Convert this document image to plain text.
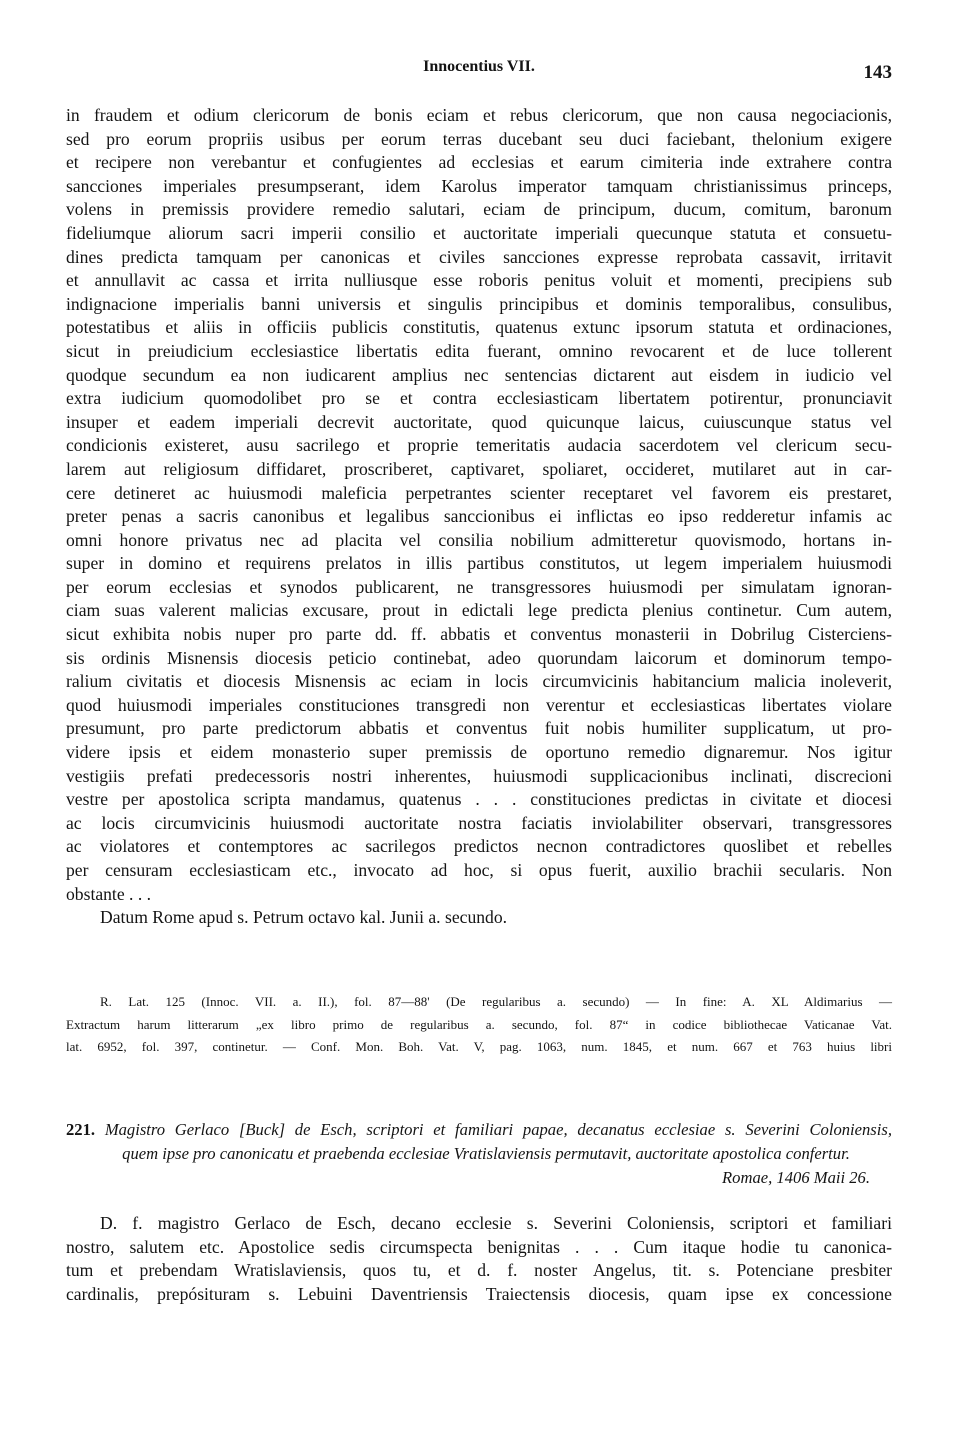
Innocentius VII.	143
in fraudem et odium clericorum de bonis eciam et rebus clericorum, que non causa negociacionis,
sed pro eorum propriis usibus per eorum terras ducebant seu duci faciebant, thelonium exigere
et recipere non verebantur et confugientes ad ecclesias et earum cimiteria inde extrahere contra
sancciones imperiales presumpserant, idem Karolus imperator tamquam christianissimus princeps,
volens in premissis providere remedio salutari, eciam de principum, ducum, comitum, baronum
fideliumque aliorum sacri imperii consilio et auctoritate imperiali quecunque statuta et consuetu-
dines predicta tamquam per canonicas et civiles sancciones expresse reprobata cassavit, irritavit
et annullavit ac cassa et irrita nulliusque esse roboris penitus voluit et momenti, precipiens sub
indignacione imperialis banni universis et singulis principibus et dominis temporalibus, consulibus,
potestatibus et aliis in officiis publicis constitutis, quatenus extunc ipsorum statuta et ordinaciones,
sicut in preiudicium ecclesiastice libertatis edita fuerant, omnino revocarent et de luce tollerent
quodque secundum ea non iudicarent amplius nec sentencias dictarent aut eisdem in iudicio vel
extra iudicium quomodolibet pro se et contra ecclesiasticam libertatem potirentur, pronunciavit
insuper et eadem imperiali decrevit auctoritate, quod quicunque laicus, cuiuscunque status vel
condicionis existeret, ausu sacrilego et proprie temeritatis audacia sacerdotem vel clericum secu-
larem aut religiosum diffidaret, proscriberet, captivaret, spoliaret, occideret, mutilaret aut in car-
cere detineret ac huiusmodi maleficia perpetrantes scienter receptaret vel favorem eis prestaret,
preter penas a sacris canonibus et legalibus sanccionibus ei inflictas eo ipso redderetur infamis ac
omni honore privatus nec ad placita vel consilia nobilium admitteretur quovismodo, hortans in-
super in domino et requirens prelatos in illis partibus constitutos, ut legem imperialem huiusmodi
per eorum ecclesias et synodos publicarent, ne transgressores huiusmodi per simulatam ignoran-
ciam suas valerent malicias excusare, prout in edictali lege predicta plenius continetur. Cum autem,
sicut exhibita nobis nuper pro parte dd. ff. abbatis et conventus monasterii in Dobrilug Cisterciens-
sis ordinis Misnensis diocesis peticio continebat, adeo quorundam laicorum et dominorum tempo-
ralium civitatis et diocesis Misnensis ac eciam in locis circumvicinis habitancium malicia inoleverit,
quod huiusmodi imperiales constituciones transgredi non verentur et ecclesiasticas libertates violare
presumunt, pro parte predictorum abbatis et conventus fuit nobis humiliter supplicatum, ut pro-
videre ipsis et eidem monasterio super premissis de oportuno remedio dignaremur. Nos igitur
vestigiis prefati predecessoris nostri inherentes, huiusmodi supplicacionibus inclinati, discrecioni
vestre per apostolica scripta mandamus, quatenus . . . constituciones predictas in civitate et diocesi
ac locis circumvicinis huiusmodi auctoritate nostra faciatis inviolabiliter observari, transgressores
ac violatores et contemptores ac sacrilegos predictos necnon contradictores quoslibet et rebelles
per censuram ecclesiasticam etc., invocato ad hoc, si opus fuerit, auxilio brachii secularis. Non
obstante . . .
Datum Rome apud s. Petrum octavo kal. Junii a. secundo.
R. Lat. 125 (Innoc. VII. a. II.), fol. 87—88' (De regularibus a. secundo) — In fine: A. XL Aldimarius —
Extractum harum litterarum „ex libro primo de regularibus a. secundo, fol. 87“ in codice bibliothecae Vaticanae Vat.
lat. 6952, fol. 397, continetur. — Conf. Mon. Boh. Vat. V, pag. 1063, num. 1845, et num. 667 et 763 huius libri
221. Magistro Gerlaco [Buck] de Esch, scriptori et familiari papae, decanatus ecclesiae s. Severini Coloniensis,
quem ipse pro canonicatu et praebenda ecclesiae Vratislaviensis permutavit, auctoritate apostolica confertur.
Romae, 1406 Maii 26.
D. f. magistro Gerlaco de Esch, decano ecclesie s. Severini Coloniensis, scriptori et familiari
nostro, salutem etc. Apostolice sedis circumspecta benignitas . . . Cum itaque hodie tu canonica-
tum et prebendam Wratislaviensis, quos tu, et d. f. noster Angelus, tit. s. Potenciane presbiter
cardinalis, prepósituram s. Lebuini Daventriensis Traiectensis diocesis, quam ipse ex concessione
